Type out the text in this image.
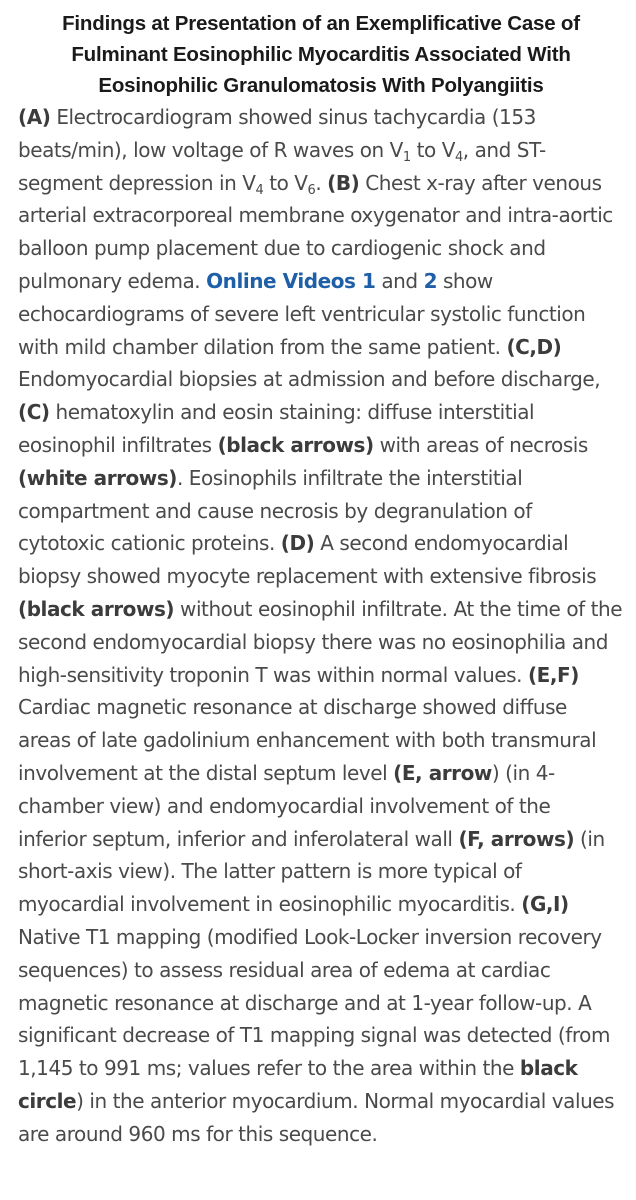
Findings at Presentation of an Exemplificative Case of Fulminant Eosinophilic Myocarditis Associated With Eosinophilic Granulomatosis With Polyangiitis

(A) Electrocardiogram showed sinus tachycardia (153 beats/min), low voltage of R waves on $V_1$ to $V_4$, and ST-segment depression in $V_4$ to $V_6$. (B) Chest x-ray after venous arterial extracorporeal membrane oxygenator and intra-aortic balloon pump placement due to cardiogenic shock and pulmonary edema. Online Videos 1 and 2 show echocardiograms of severe left ventricular systolic function with mild chamber dilation from the same patient. (C,D) Endomyocardial biopsies at admission and before discharge, (C) hematoxylin and eosin staining: diffuse interstitial eosinophil infiltrates (black arrows) with areas of necrosis (white arrows). Eosinophils infiltrate the interstitial compartment and cause necrosis by degranulation of cytotoxic cationic proteins. (D) A second endomyocardial biopsy showed myocyte replacement with extensive fibrosis (black arrows) without eosinophil infiltrate. At the time of the second endomyocardial biopsy there was no eosinophilia and high-sensitivity troponin T was within normal values. (E,F) Cardiac magnetic resonance at discharge showed diffuse areas of late gadolinium enhancement with both transmural involvement at the distal septum level (E, arrow) (in 4-chamber view) and endomyocardial involvement of the inferior septum, inferior and inferolateral wall (F, arrows) (in short-axis view). The latter pattern is more typical of myocardial involvement in eosinophilic myocarditis. (G,I) Native T1 mapping (modified Look-Locker inversion recovery sequences) to assess residual area of edema at cardiac magnetic resonance at discharge and at 1-year follow-up. A significant decrease of T1 mapping signal was detected (from 1,145 to 991 ms; values refer to the area within the black circle) in the anterior myocardium. Normal myocardial values are around 960 ms for this sequence.
